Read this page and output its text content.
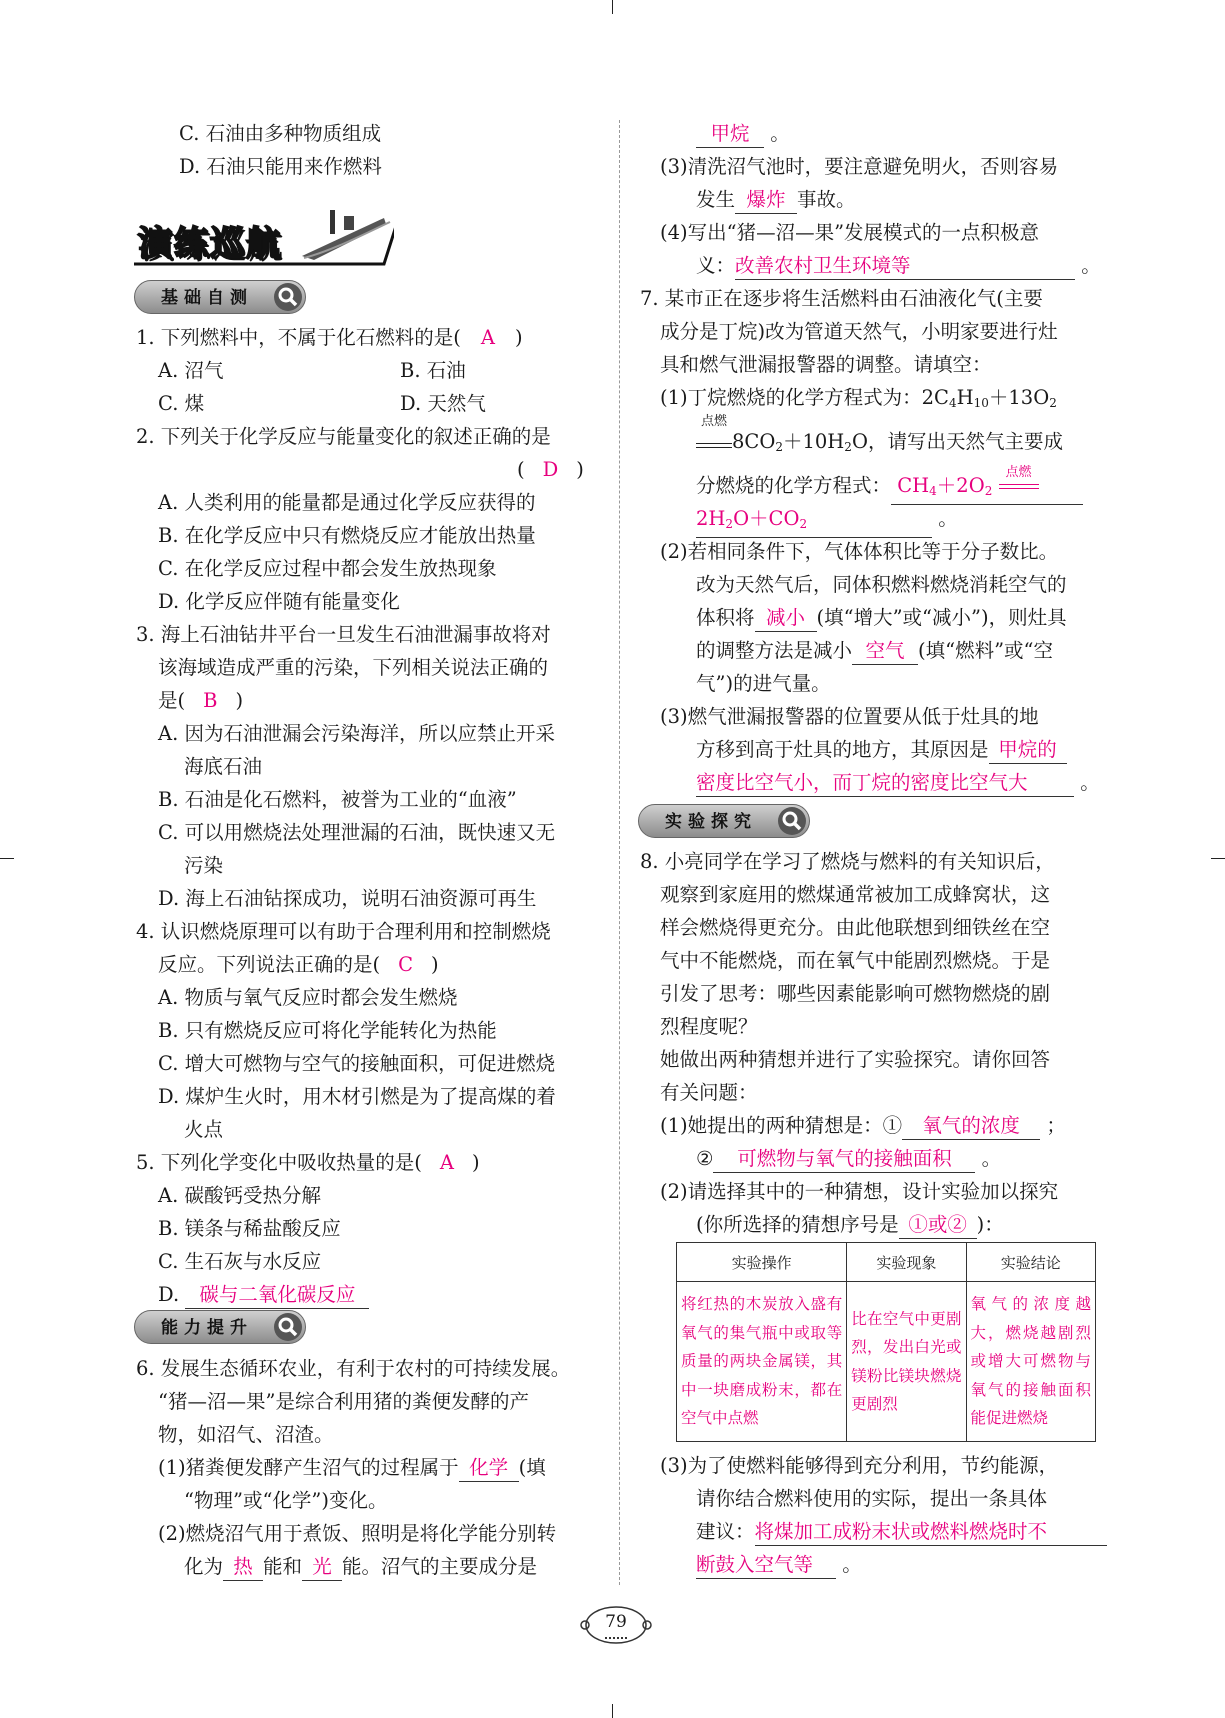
C. 石油由多种物质组成
D. 石油只能用来作燃料
演练巡航
基础自测
1. 下列燃料中，不属于化石燃料的是( A )
A. 沼气	B. 石油
C. 煤	D. 天然气
2. 下列关于化学反应与能量变化的叙述正确的是
( D )
A. 人类利用的能量都是通过化学反应获得的
B. 在化学反应中只有燃烧反应才能放出热量
C. 在化学反应过程中都会发生放热现象
D. 化学反应伴随有能量变化
3. 海上石油钻井平台一旦发生石油泄漏事故将对
该海域造成严重的污染，下列相关说法正确的
是( B )
A. 因为石油泄漏会污染海洋，所以应禁止开采
海底石油
B. 石油是化石燃料，被誉为工业的“血液”
C. 可以用燃烧法处理泄漏的石油，既快速又无
污染
D. 海上石油钻探成功，说明石油资源可再生
4. 认识燃烧原理可以有助于合理利用和控制燃烧
反应。下列说法正确的是( C )
A. 物质与氧气反应时都会发生燃烧
B. 只有燃烧反应可将化学能转化为热能
C. 增大可燃物与空气的接触面积，可促进燃烧
D. 煤炉生火时，用木材引燃是为了提高煤的着
火点
5. 下列化学变化中吸收热量的是( A )
A. 碳酸钙受热分解
B. 镁条与稀盐酸反应
C. 生石灰与水反应
D. 碳与二氧化碳反应
能力提升
6. 发展生态循环农业，有利于农村的可持续发展。
“猪—沼—果”是综合利用猪的粪便发酵的产
物，如沼气、沼渣。
(1)猪粪便发酵产生沼气的过程属于 化学 (填
“物理”或“化学”)变化。
(2)燃烧沼气用于煮饭、照明是将化学能分别转
化为 热 能和 光 能。沼气的主要成分是
甲烷 。
(3)清洗沼气池时，要注意避免明火，否则容易
发生 爆炸 事故。
(4)写出“猪—沼—果”发展模式的一点积极意
义：改善农村卫生环境等	。
7. 某市正在逐步将生活燃料由石油液化气(主要
成分是丁烷)改为管道天然气，小明家要进行灶
具和燃气泄漏报警器的调整。请填空：
(1)丁烷燃烧的化学方程式为：$2C_4H_{10}+13O_2$
点燃
$8CO_2+10H_2O$，请写出天然气主要成
分燃烧的化学方程式： $CH_4+2O_2$
点燃
$2H_2O+CO_2$	。
(2)若相同条件下，气体体积比等于分子数比。
改为天然气后，同体积燃料燃烧消耗空气的
体积将 减小 (填“增大”或“减小”)，则灶具
的调整方法是减小 空气 (填“燃料”或“空
气”)的进气量。
(3)燃气泄漏报警器的位置要从低于灶具的地
方移到高于灶具的地方，其原因是 甲烷的
密度比空气小，而丁烷的密度比空气大 。
实验探究
8. 小亮同学在学习了燃烧与燃料的有关知识后，
观察到家庭用的燃煤通常被加工成蜂窝状，这
样会燃烧得更充分。由此他联想到细铁丝在空
气中不能燃烧，而在氧气中能剧烈燃烧。于是
引发了思考：哪些因素能影响可燃物燃烧的剧
烈程度呢？
她做出两种猜想并进行了实验探究。请你回答
有关问题：
(1)她提出的两种猜想是：① 氧气的浓度 ；
② 可燃物与氧气的接触面积 。
(2)请选择其中的一种猜想，设计实验加以探究
(你所选择的猜想序号是 ①或② )：
实验操作	实验现象	实验结论
将红热的木炭放入盛有氧气的集气瓶中或取等质量的两块金属镁，其中一块磨成粉末，都在空气中点燃	比在空气中更剧烈，发出白光或镁粉比镁块燃烧更剧烈	氧气的浓度越大，燃烧越剧烈或增大可燃物与氧气的接触面积能促进燃烧
(3)为了使燃料能够得到充分利用，节约能源，
请你结合燃料使用的实际，提出一条具体
建议：将煤加工成粉末状或燃料燃烧时不
断鼓入空气等 。
79
